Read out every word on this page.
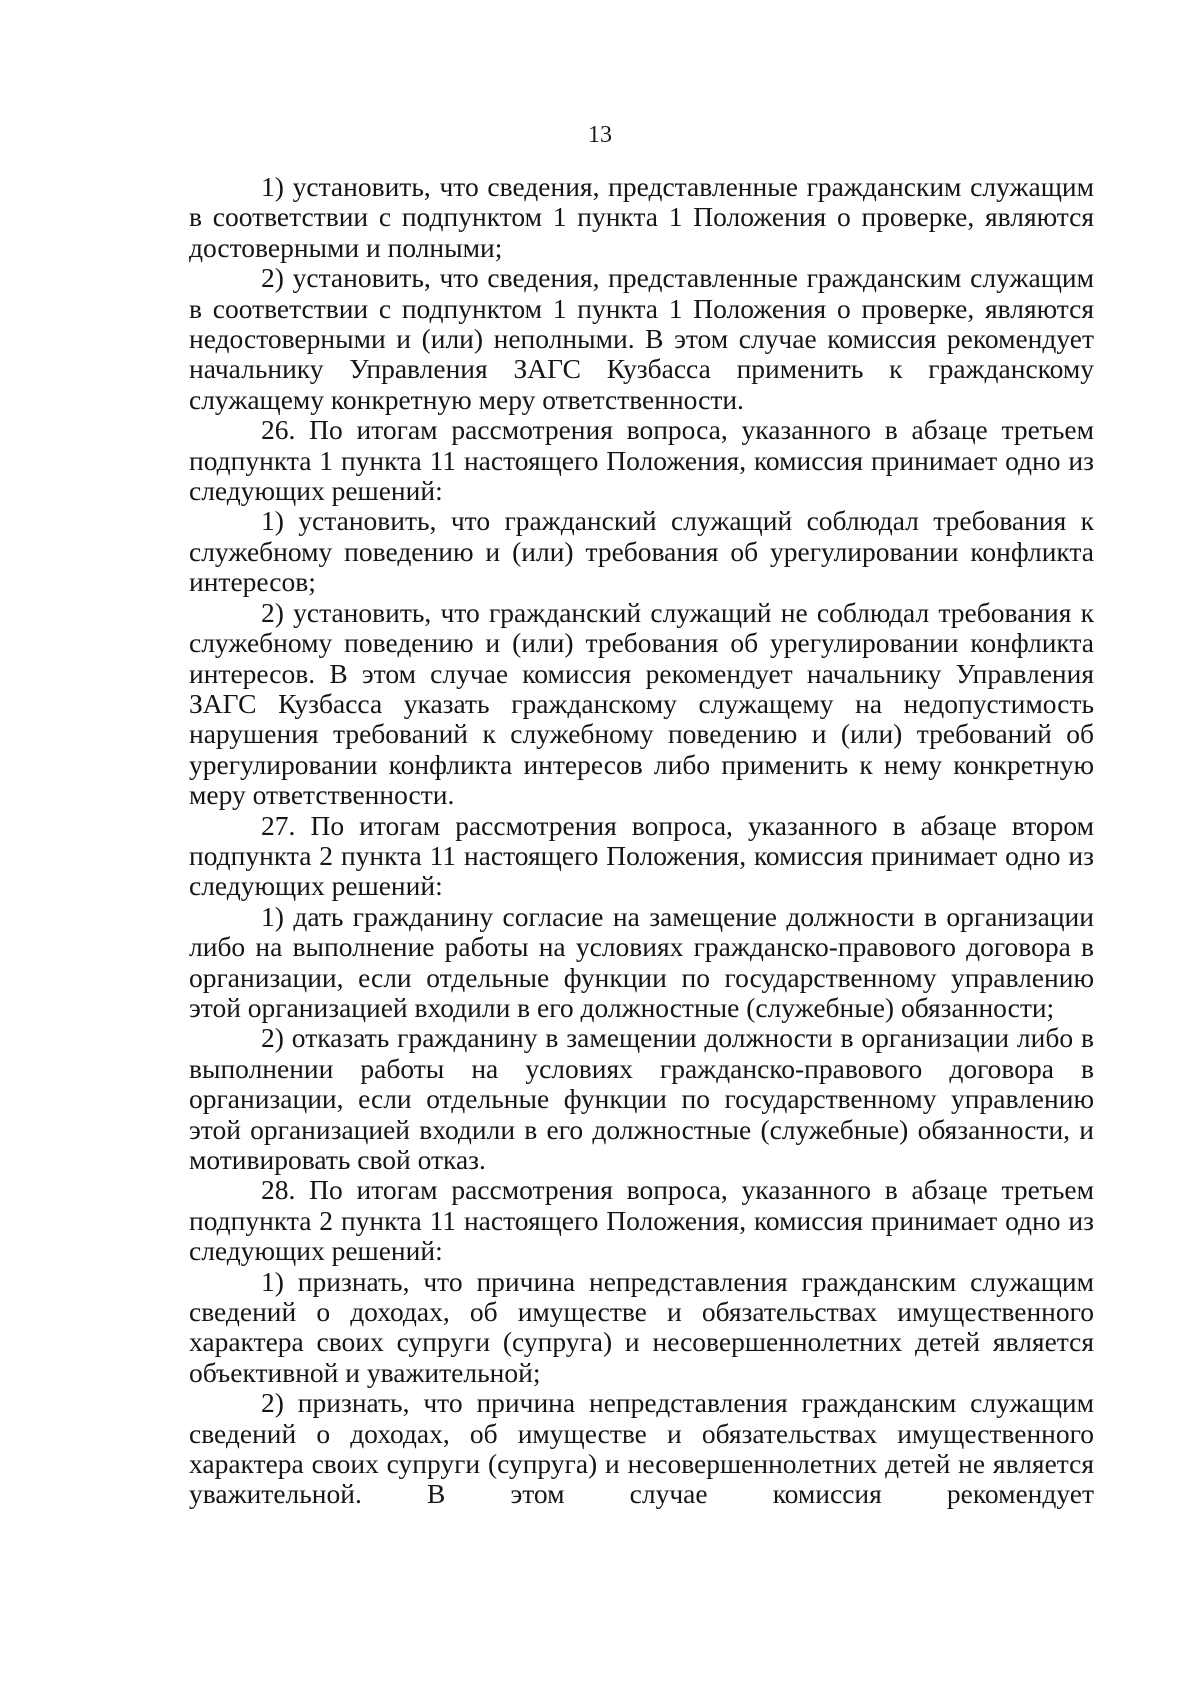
13

1) установить, что сведения, представленные гражданским служащим в соответствии с подпунктом 1 пункта 1 Положения о проверке, являются достоверными и полными;

2) установить, что сведения, представленные гражданским служащим в соответствии с подпунктом 1 пункта 1 Положения о проверке, являются недостоверными и (или) неполными. В этом случае комиссия рекомендует начальнику Управления ЗАГС Кузбасса применить к гражданскому служащему конкретную меру ответственности.

26. По итогам рассмотрения вопроса, указанного в абзаце третьем подпункта 1 пункта 11 настоящего Положения, комиссия принимает одно из следующих решений:

1) установить, что гражданский служащий соблюдал требования к служебному поведению и (или) требования об урегулировании конфликта интересов;

2) установить, что гражданский служащий не соблюдал требования к служебному поведению и (или) требования об урегулировании конфликта интересов. В этом случае комиссия рекомендует начальнику Управления ЗАГС Кузбасса указать гражданскому служащему на недопустимость нарушения требований к служебному поведению и (или) требований об урегулировании конфликта интересов либо применить к нему конкретную меру ответственности.

27. По итогам рассмотрения вопроса, указанного в абзаце втором подпункта 2 пункта 11 настоящего Положения, комиссия принимает одно из следующих решений:

1) дать гражданину согласие на замещение должности в организации либо на выполнение работы на условиях гражданско-правового договора в организации, если отдельные функции по государственному управлению этой организацией входили в его должностные (служебные) обязанности;

2) отказать гражданину в замещении должности в организации либо в выполнении работы на условиях гражданско-правового договора в организации, если отдельные функции по государственному управлению этой организацией входили в его должностные (служебные) обязанности, и мотивировать свой отказ.

28. По итогам рассмотрения вопроса, указанного в абзаце третьем подпункта 2 пункта 11 настоящего Положения, комиссия принимает одно из следующих решений:

1) признать, что причина непредставления гражданским служащим сведений о доходах, об имуществе и обязательствах имущественного характера своих супруги (супруга) и несовершеннолетних детей является объективной и уважительной;

2) признать, что причина непредставления гражданским служащим сведений о доходах, об имуществе и обязательствах имущественного характера своих супруги (супруга) и несовершеннолетних детей не является уважительной. В этом случае комиссия рекомендует
